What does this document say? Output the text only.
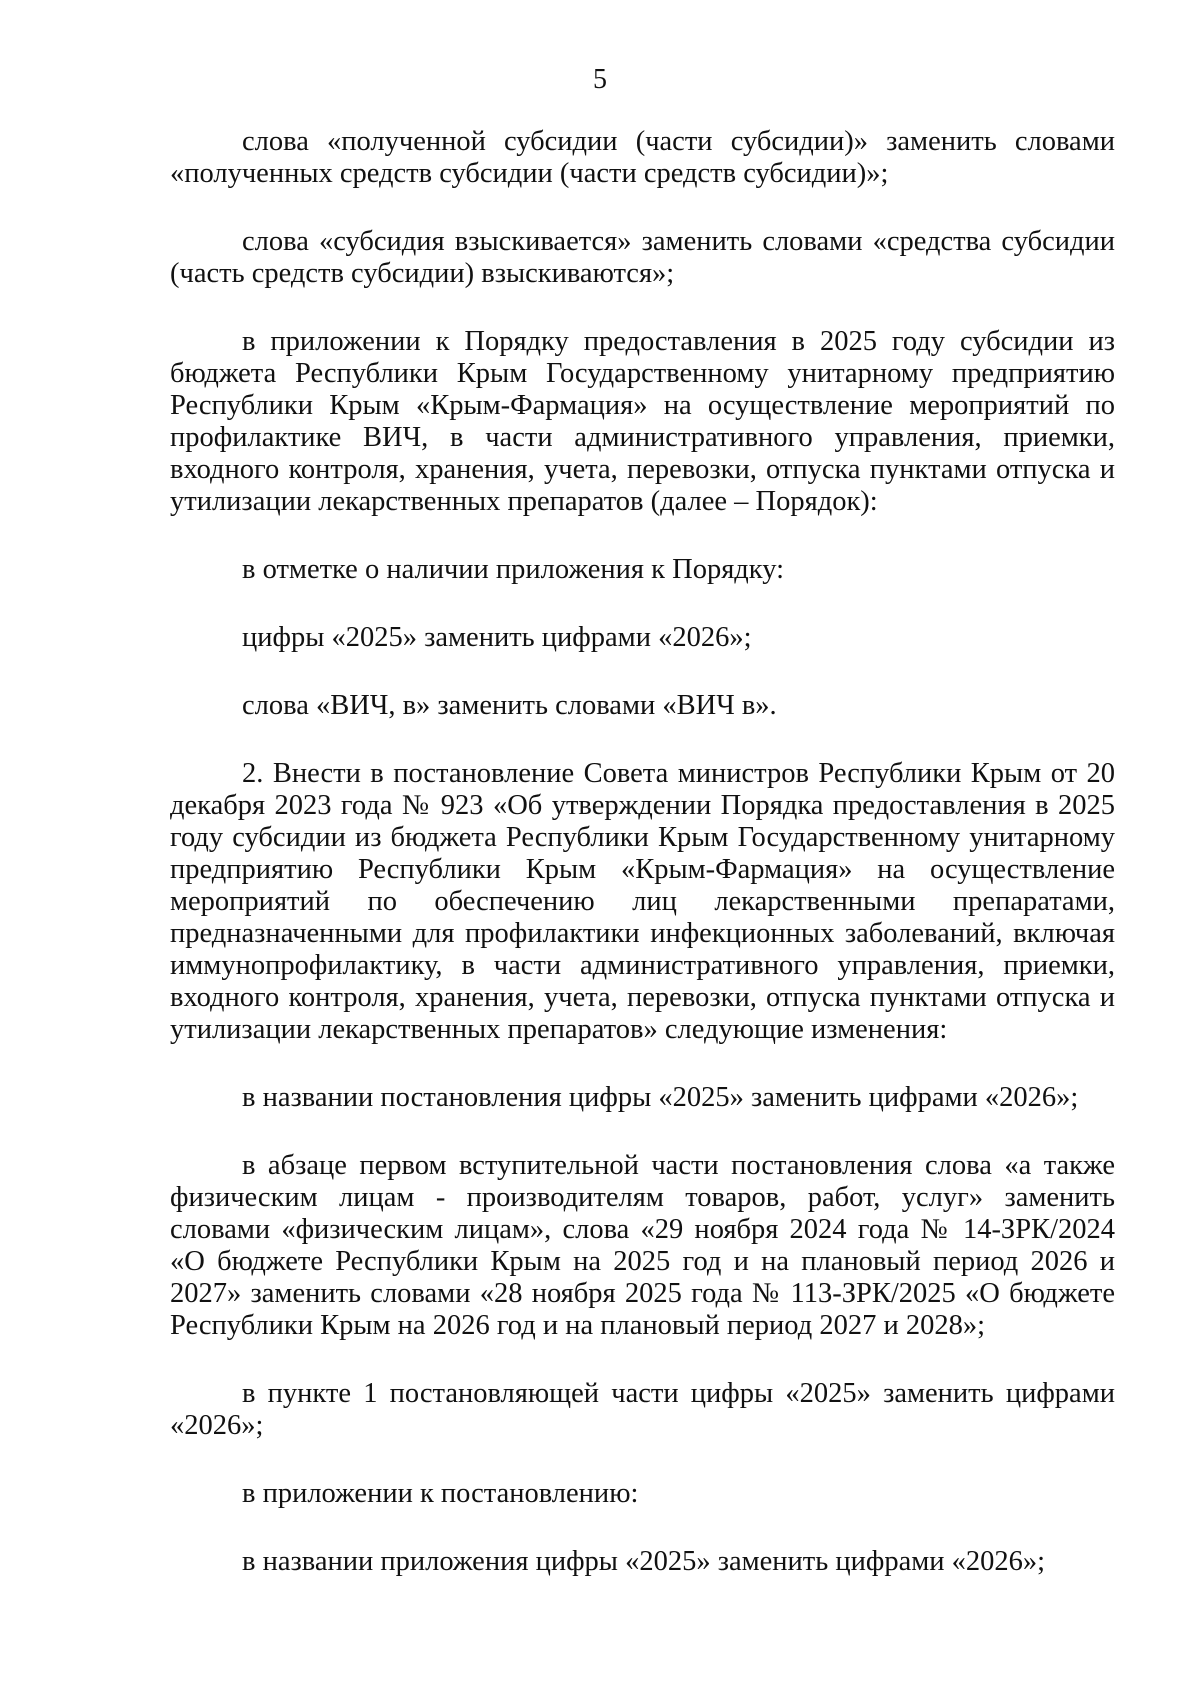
5

слова «полученной субсидии (части субсидии)» заменить словами «полученных средств субсидии (части средств субсидии)»;

слова «субсидия взыскивается» заменить словами «средства субсидии (часть средств субсидии) взыскиваются»;

в приложении к Порядку предоставления в 2025 году субсидии из бюджета Республики Крым Государственному унитарному предприятию Республики Крым «Крым-Фармация» на осуществление мероприятий по профилактике ВИЧ, в части административного управления, приемки, входного контроля, хранения, учета, перевозки, отпуска пунктами отпуска и утилизации лекарственных препаратов (далее – Порядок):

в отметке о наличии приложения к Порядку:

цифры «2025» заменить цифрами «2026»;

слова «ВИЧ, в» заменить словами «ВИЧ в».

2. Внести в постановление Совета министров Республики Крым от 20 декабря 2023 года № 923 «Об утверждении Порядка предоставления в 2025 году субсидии из бюджета Республики Крым Государственному унитарному предприятию Республики Крым «Крым-Фармация» на осуществление мероприятий по обеспечению лиц лекарственными препаратами, предназначенными для профилактики инфекционных заболеваний, включая иммунопрофилактику, в части административного управления, приемки, входного контроля, хранения, учета, перевозки, отпуска пунктами отпуска и утилизации лекарственных препаратов» следующие изменения:

в названии постановления цифры «2025» заменить цифрами «2026»;

в абзаце первом вступительной части постановления слова «а также физическим лицам - производителям товаров, работ, услуг» заменить словами «физическим лицам», слова «29 ноября 2024 года № 14-ЗРК/2024 «О бюджете Республики Крым на 2025 год и на плановый период 2026 и 2027» заменить словами «28 ноября 2025 года № 113-ЗРК/2025 «О бюджете Республики Крым на 2026 год и на плановый период 2027 и 2028»;

в пункте 1 постановляющей части цифры «2025» заменить цифрами «2026»;

в приложении к постановлению:

в названии приложения цифры «2025» заменить цифрами «2026»;
